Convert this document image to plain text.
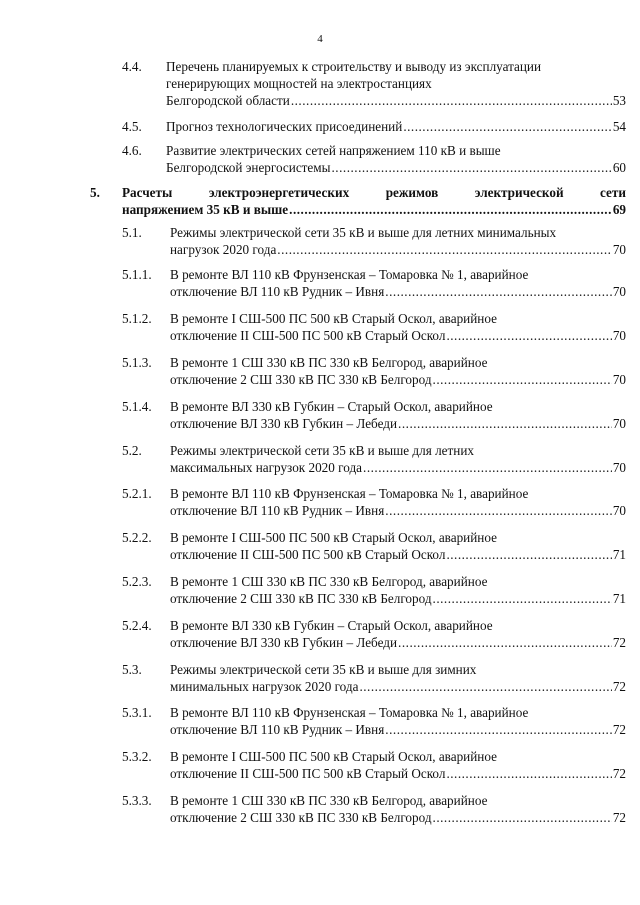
4
4.4. Перечень планируемых к строительству и выводу из эксплуатации
генерирующих мощностей на электростанциях
Белгородской области .....	53
4.5. Прогноз технологических присоединений .....	54
4.6. Развитие электрических сетей напряжением 110 кВ и выше
Белгородской энергосистемы .....	60
5. Расчеты	электроэнергетических	режимов	электрической	сети
напряжением 35 кВ и выше .....	69
5.1. Режимы электрической сети 35 кВ и выше для летних минимальных
нагрузок 2020 года .....	70
5.1.1. В ремонте ВЛ 110 кВ Фрунзенская – Томаровка № 1, аварийное
отключение ВЛ 110 кВ Рудник – Ивня .....	70
5.1.2. В ремонте I СШ-500 ПС 500 кВ Старый Оскол, аварийное
отключение II СШ-500 ПС 500 кВ Старый Оскол .....	70
5.1.3. В ремонте 1 СШ 330 кВ ПС 330 кВ Белгород, аварийное
отключение 2 СШ 330 кВ ПС 330 кВ Белгород .....	70
5.1.4. В ремонте ВЛ 330 кВ Губкин – Старый Оскол, аварийное
отключение ВЛ 330 кВ Губкин – Лебеди .....	70
5.2. Режимы электрической сети 35 кВ и выше для летних
максимальных нагрузок 2020 года .....	70
5.2.1. В ремонте ВЛ 110 кВ Фрунзенская – Томаровка № 1, аварийное
отключение ВЛ 110 кВ Рудник – Ивня .....	70
5.2.2. В ремонте I СШ-500 ПС 500 кВ Старый Оскол, аварийное
отключение II СШ-500 ПС 500 кВ Старый Оскол .....	71
5.2.3. В ремонте 1 СШ 330 кВ ПС 330 кВ Белгород, аварийное
отключение 2 СШ 330 кВ ПС 330 кВ Белгород .....	71
5.2.4. В ремонте ВЛ 330 кВ Губкин – Старый Оскол, аварийное
отключение ВЛ 330 кВ Губкин – Лебеди .....	72
5.3. Режимы электрической сети 35 кВ и выше для зимних
минимальных нагрузок 2020 года .....	72
5.3.1. В ремонте ВЛ 110 кВ Фрунзенская – Томаровка № 1, аварийное
отключение ВЛ 110 кВ Рудник – Ивня .....	72
5.3.2. В ремонте I СШ-500 ПС 500 кВ Старый Оскол, аварийное
отключение II СШ-500 ПС 500 кВ Старый Оскол .....	72
5.3.3. В ремонте 1 СШ 330 кВ ПС 330 кВ Белгород, аварийное
отключение 2 СШ 330 кВ ПС 330 кВ Белгород .....	72
